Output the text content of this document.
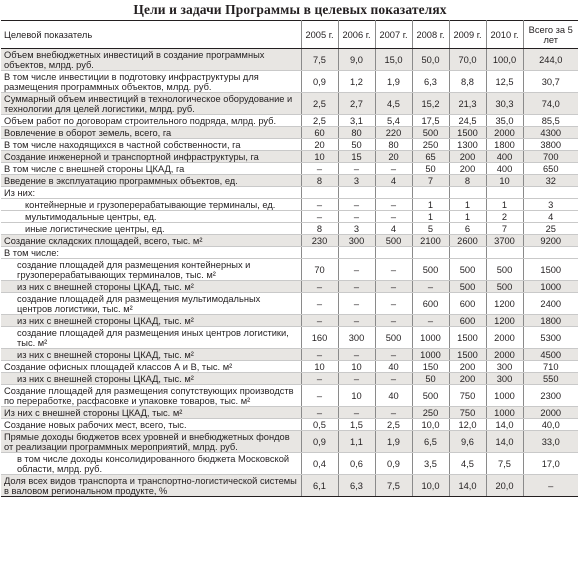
Цели и задачи Программы в целевых показателях
Целевой показатель	2005 г.	2006 г.	2007 г.	2008 г.	2009 г.	2010 г.	Всего за 5 лет
Объем внебюджетных инвестиций в создание программных объектов, млрд. руб.	7,5	9,0	15,0	50,0	70,0	100,0	244,0
В том числе инвестиции в подготовку инфраструктуры для размещения программных объектов, млрд. руб.	0,9	1,2	1,9	6,3	8,8	12,5	30,7
Суммарный объем инвестиций в технологическое оборудование и технологии для целей логистики, млрд. руб.	2,5	2,7	4,5	15,2	21,3	30,3	74,0
Объем работ по договорам строительного подряда, млрд. руб.	2,5	3,1	5,4	17,5	24,5	35,0	85,5
Вовлечение в оборот земель, всего, га	60	80	220	500	1500	2000	4300
В том числе находящихся в частной собственности, га	20	50	80	250	1300	1800	3800
Создание инженерной и транспортной инфраструктуры, га	10	15	20	65	200	400	700
В том числе с внешней стороны ЦКАД, га	–	–	–	50	200	400	650
Введение в эксплуатацию программных объектов, ед.	8	3	4	7	8	10	32
Из них:							
контейнерные и грузоперерабатывающие терминалы, ед.	–	–	–	1	1	1	3
мультимодальные центры, ед.	–	–	–	1	1	2	4
иные логистические центры, ед.	8	3	4	5	6	7	25
Создание складских площадей, всего, тыс. м²	230	300	500	2100	2600	3700	9200
В том числе:							
создание площадей для размещения контейнерных и грузоперерабатывающих терминалов, тыс. м²	70	–	–	500	500	500	1500
из них с внешней стороны ЦКАД, тыс. м²	–	–	–	–	500	500	1000
создание площадей для размещения мультимодальных центров логистики, тыс. м²	–	–	–	600	600	1200	2400
из них с внешней стороны ЦКАД, тыс. м²	–	–	–	–	600	1200	1800
создание площадей для размещения иных центров логистики, тыс. м²	160	300	500	1000	1500	2000	5300
из них с внешней стороны ЦКАД, тыс. м²	–	–	–	1000	1500	2000	4500
Создание офисных площадей классов А и В, тыс. м²	10	10	40	150	200	300	710
из них с внешней стороны ЦКАД, тыс. м²	–	–	–	50	200	300	550
Создание площадей для размещения сопутствующих производств по переработке, расфасовке и упаковке товаров, тыс. м²	–	10	40	500	750	1000	2300
Из них с внешней стороны ЦКАД, тыс. м²	–	–	–	250	750	1000	2000
Создание новых рабочих мест, всего, тыс.	0,5	1,5	2,5	10,0	12,0	14,0	40,0
Прямые доходы бюджетов всех уровней и внебюджетных фондов от реализации программных мероприятий, млрд. руб.	0,9	1,1	1,9	6,5	9,6	14,0	33,0
в том числе доходы консолидированного бюджета Московской области, млрд. руб.	0,4	0,6	0,9	3,5	4,5	7,5	17,0
Доля всех видов транспорта и транспортно-логистической системы в валовом региональном продукте, %	6,1	6,3	7,5	10,0	14,0	20,0	–
